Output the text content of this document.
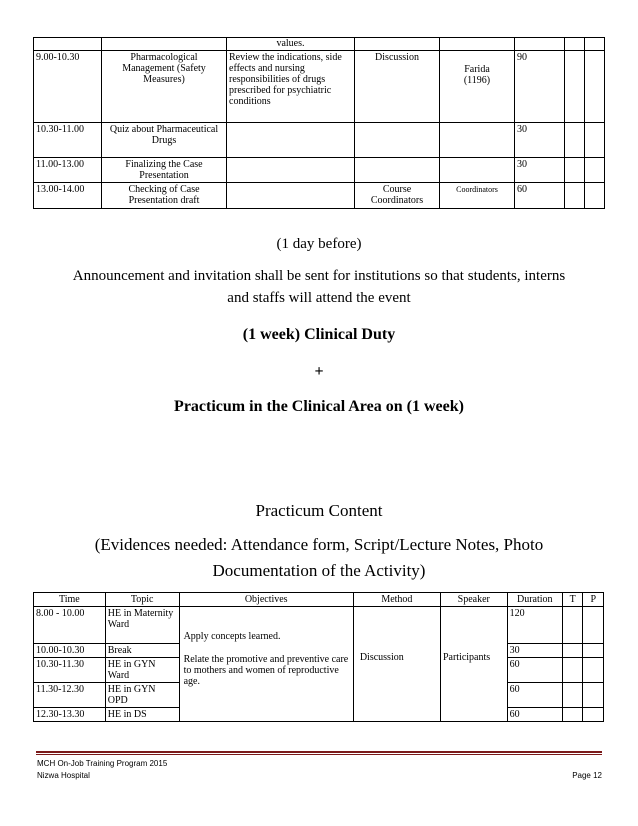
		values.					
9.00-10.30	Pharmacological Management (Safety Measures)	Review the indications, side effects and nursing responsibilities of drugs prescribed for psychiatric conditions	Discussion	Farida (1196)	90		
10.30-11.00	Quiz about Pharmaceutical Drugs				30		
11.00-13.00	Finalizing the Case Presentation				30		
13.00-14.00	Checking of Case Presentation draft		Course Coordinators	Coordinators	60		
(1 day before)
Announcement and invitation shall be sent for institutions so that students, interns
and staffs will attend the event
(1 week) Clinical Duty
+
Practicum in the Clinical Area on (1 week)
Practicum Content
(Evidences needed: Attendance form, Script/Lecture Notes, Photo
Documentation of the Activity)
Time	Topic	Objectives	Method	Speaker	Duration	T	P
8.00 - 10.00	HE in Maternity Ward	Apply concepts learned.
Relate the promotive and preventive care to mothers and women of reproductive age.	Discussion	Participants	120		
10.00-10.30	Break				30		
10.30-11.30	HE in GYN Ward				60		
11.30-12.30	HE in GYN OPD				60		
12.30-13.30	HE in DS				60		
MCH On-Job Training Program 2015
Nizwa Hospital	Page 12
